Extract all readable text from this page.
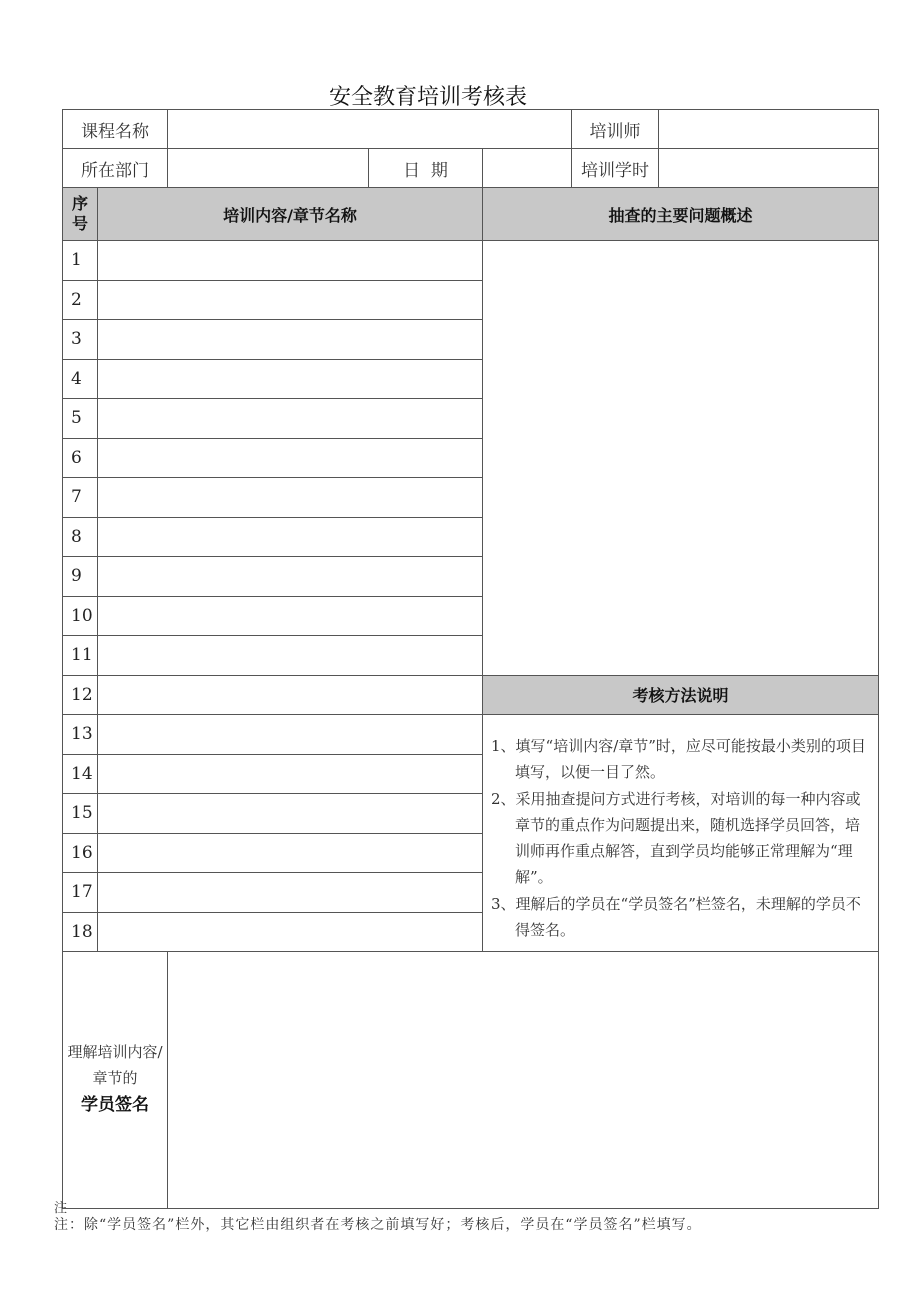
安全教育培训考核表
课程名称					培训师	
所在部门			日  期		培训学时	
序
号	培训内容/章节名称			抽查的主要问题概述		
1						
2						
3						
4						
5						
6						
7						
8						
9						
10						
11						
12				考核方法说明		
13				1、填写“培训内容/章节”时，应尽可能按最小类别的项目填写，以便一目了然。

2、采用抽查提问方式进行考核，对培训的每一种内容或章节的重点作为问题提出来，随机选择学员回答，培训师再作重点解答，直到学员均能够正常理解为“理解”。

3、理解后的学员在“学员签名”栏签名，未理解的学员不得签名。		

14						
15						
16						
17						
18						

理解培训内容/
章节的
学员签名						

注
注：除“学员签名”栏外，其它栏由组织者在考核之前填写好；考核后，学员在“学员签名”栏填写。
